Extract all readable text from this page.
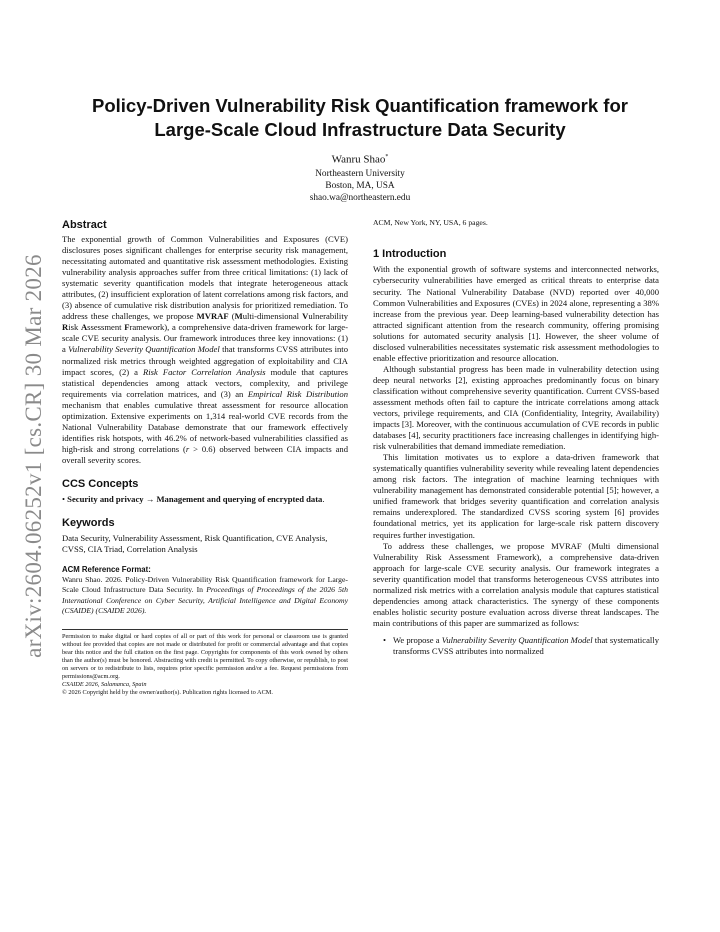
arXiv:2604.06252v1 [cs.CR] 30 Mar 2026
Policy-Driven Vulnerability Risk Quantification framework for
Large-Scale Cloud Infrastructure Data Security
Wanru Shao*
Northeastern University
Boston, MA, USA
shao.wa@northeastern.edu
Abstract

The exponential growth of Common Vulnerabilities and Exposures (CVE) disclosures poses significant challenges for enterprise security risk management, necessitating automated and quantitative risk assessment methodologies. Existing vulnerability analysis approaches suffer from three critical limitations: (1) lack of systematic severity quantification models that integrate heterogeneous attack attributes, (2) insufficient exploration of latent correlations among risk factors, and (3) absence of cumulative risk distribution analysis for prioritized remediation. To address these challenges, we propose MVRAF (Multi-dimensional Vulnerability Risk Assessment Framework), a comprehensive data-driven framework for large-scale CVE security analysis. Our framework introduces three key innovations: (1) a Vulnerability Severity Quantification Model that transforms CVSS attributes into normalized risk metrics through weighted aggregation of exploitability and CIA impact scores, (2) a Risk Factor Correlation Analysis module that captures statistical dependencies among attack vectors, complexity, and privilege requirements via correlation matrices, and (3) an Empirical Risk Distribution mechanism that enables cumulative threat assessment for resource allocation optimization. Extensive experiments on 1,314 real-world CVE records from the National Vulnerability Database demonstrate that our framework effectively identifies risk hotspots, with 46.2% of network-based vulnerabilities classified as high-risk and strong correlations (r > 0.6) observed between CIA impacts and overall severity scores.

CCS Concepts

• Security and privacy → Management and querying of encrypted data.

Keywords

Data Security, Vulnerability Assessment, Risk Quantification, CVE Analysis, CVSS, CIA Triad, Correlation Analysis

ACM Reference Format:

Wanru Shao. 2026. Policy-Driven Vulnerability Risk Quantification framework for Large-Scale Cloud Infrastructure Data Security. In Proceedings of Proceedings of the 2026 5th International Conference on Cyber Security, Artificial Intelligence and Digital Economy (CSAIDE) (CSAIDE 2026).

Permission to make digital or hard copies of all or part of this work for personal or classroom use is granted without fee provided that copies are not made or distributed for profit or commercial advantage and that copies bear this notice and the full citation on the first page. Copyrights for components of this work owned by others than the author(s) must be honored. Abstracting with credit is permitted. To copy otherwise, or republish, to post on servers or to redistribute to lists, requires prior specific permission and/or a fee. Request permissions from permissions@acm.org.

CSAIDE 2026, Salamanca, Spain

© 2026 Copyright held by the owner/author(s). Publication rights licensed to ACM.

ACM, New York, NY, USA, 6 pages.

1 Introduction

With the exponential growth of software systems and interconnected networks, cybersecurity vulnerabilities have emerged as critical threats to enterprise data security. The National Vulnerability Database (NVD) reported over 40,000 Common Vulnerabilities and Exposures (CVEs) in 2024 alone, representing a 38% increase from the previous year. Deep learning-based vulnerability detection has attracted significant attention from the research community, offering promising solutions for automated security analysis [1]. However, the sheer volume of disclosed vulnerabilities necessitates systematic risk assessment methodologies to enable effective prioritization and resource allocation.

Although substantial progress has been made in vulnerability detection using deep neural networks [2], existing approaches predominantly focus on binary classification without comprehensive severity quantification. Current CVSS-based assessment methods often fail to capture the intricate correlations among attack vectors, privilege requirements, and CIA (Confidentiality, Integrity, Availability) impacts [3]. Moreover, with the continuous accumulation of CVE records in public databases [4], security practitioners face increasing challenges in identifying high-risk vulnerabilities that demand immediate remediation.

This limitation motivates us to explore a data-driven framework that systematically quantifies vulnerability severity while revealing latent dependencies among risk factors. The integration of machine learning techniques with vulnerability management has demonstrated considerable potential [5]; however, a unified framework that bridges severity quantification and correlation analysis remains underexplored. The standardized CVSS scoring system [6] provides foundational metrics, yet its application for large-scale risk pattern discovery requires further investigation.

To address these challenges, we propose MVRAF (Multi dimensional Vulnerability Risk Assessment Framework), a comprehensive data-driven approach for large-scale CVE security analysis. Our framework integrates a severity quantification model that transforms heterogeneous CVSS attributes into normalized risk metrics with a correlation analysis module that captures statistical dependencies among attack characteristics. The synergy of these components enables holistic security posture evaluation across diverse threat landscapes. The main contributions of this paper are summarized as follows:

• We propose a Vulnerability Severity Quantification Model that systematically transforms CVSS attributes into normalized
